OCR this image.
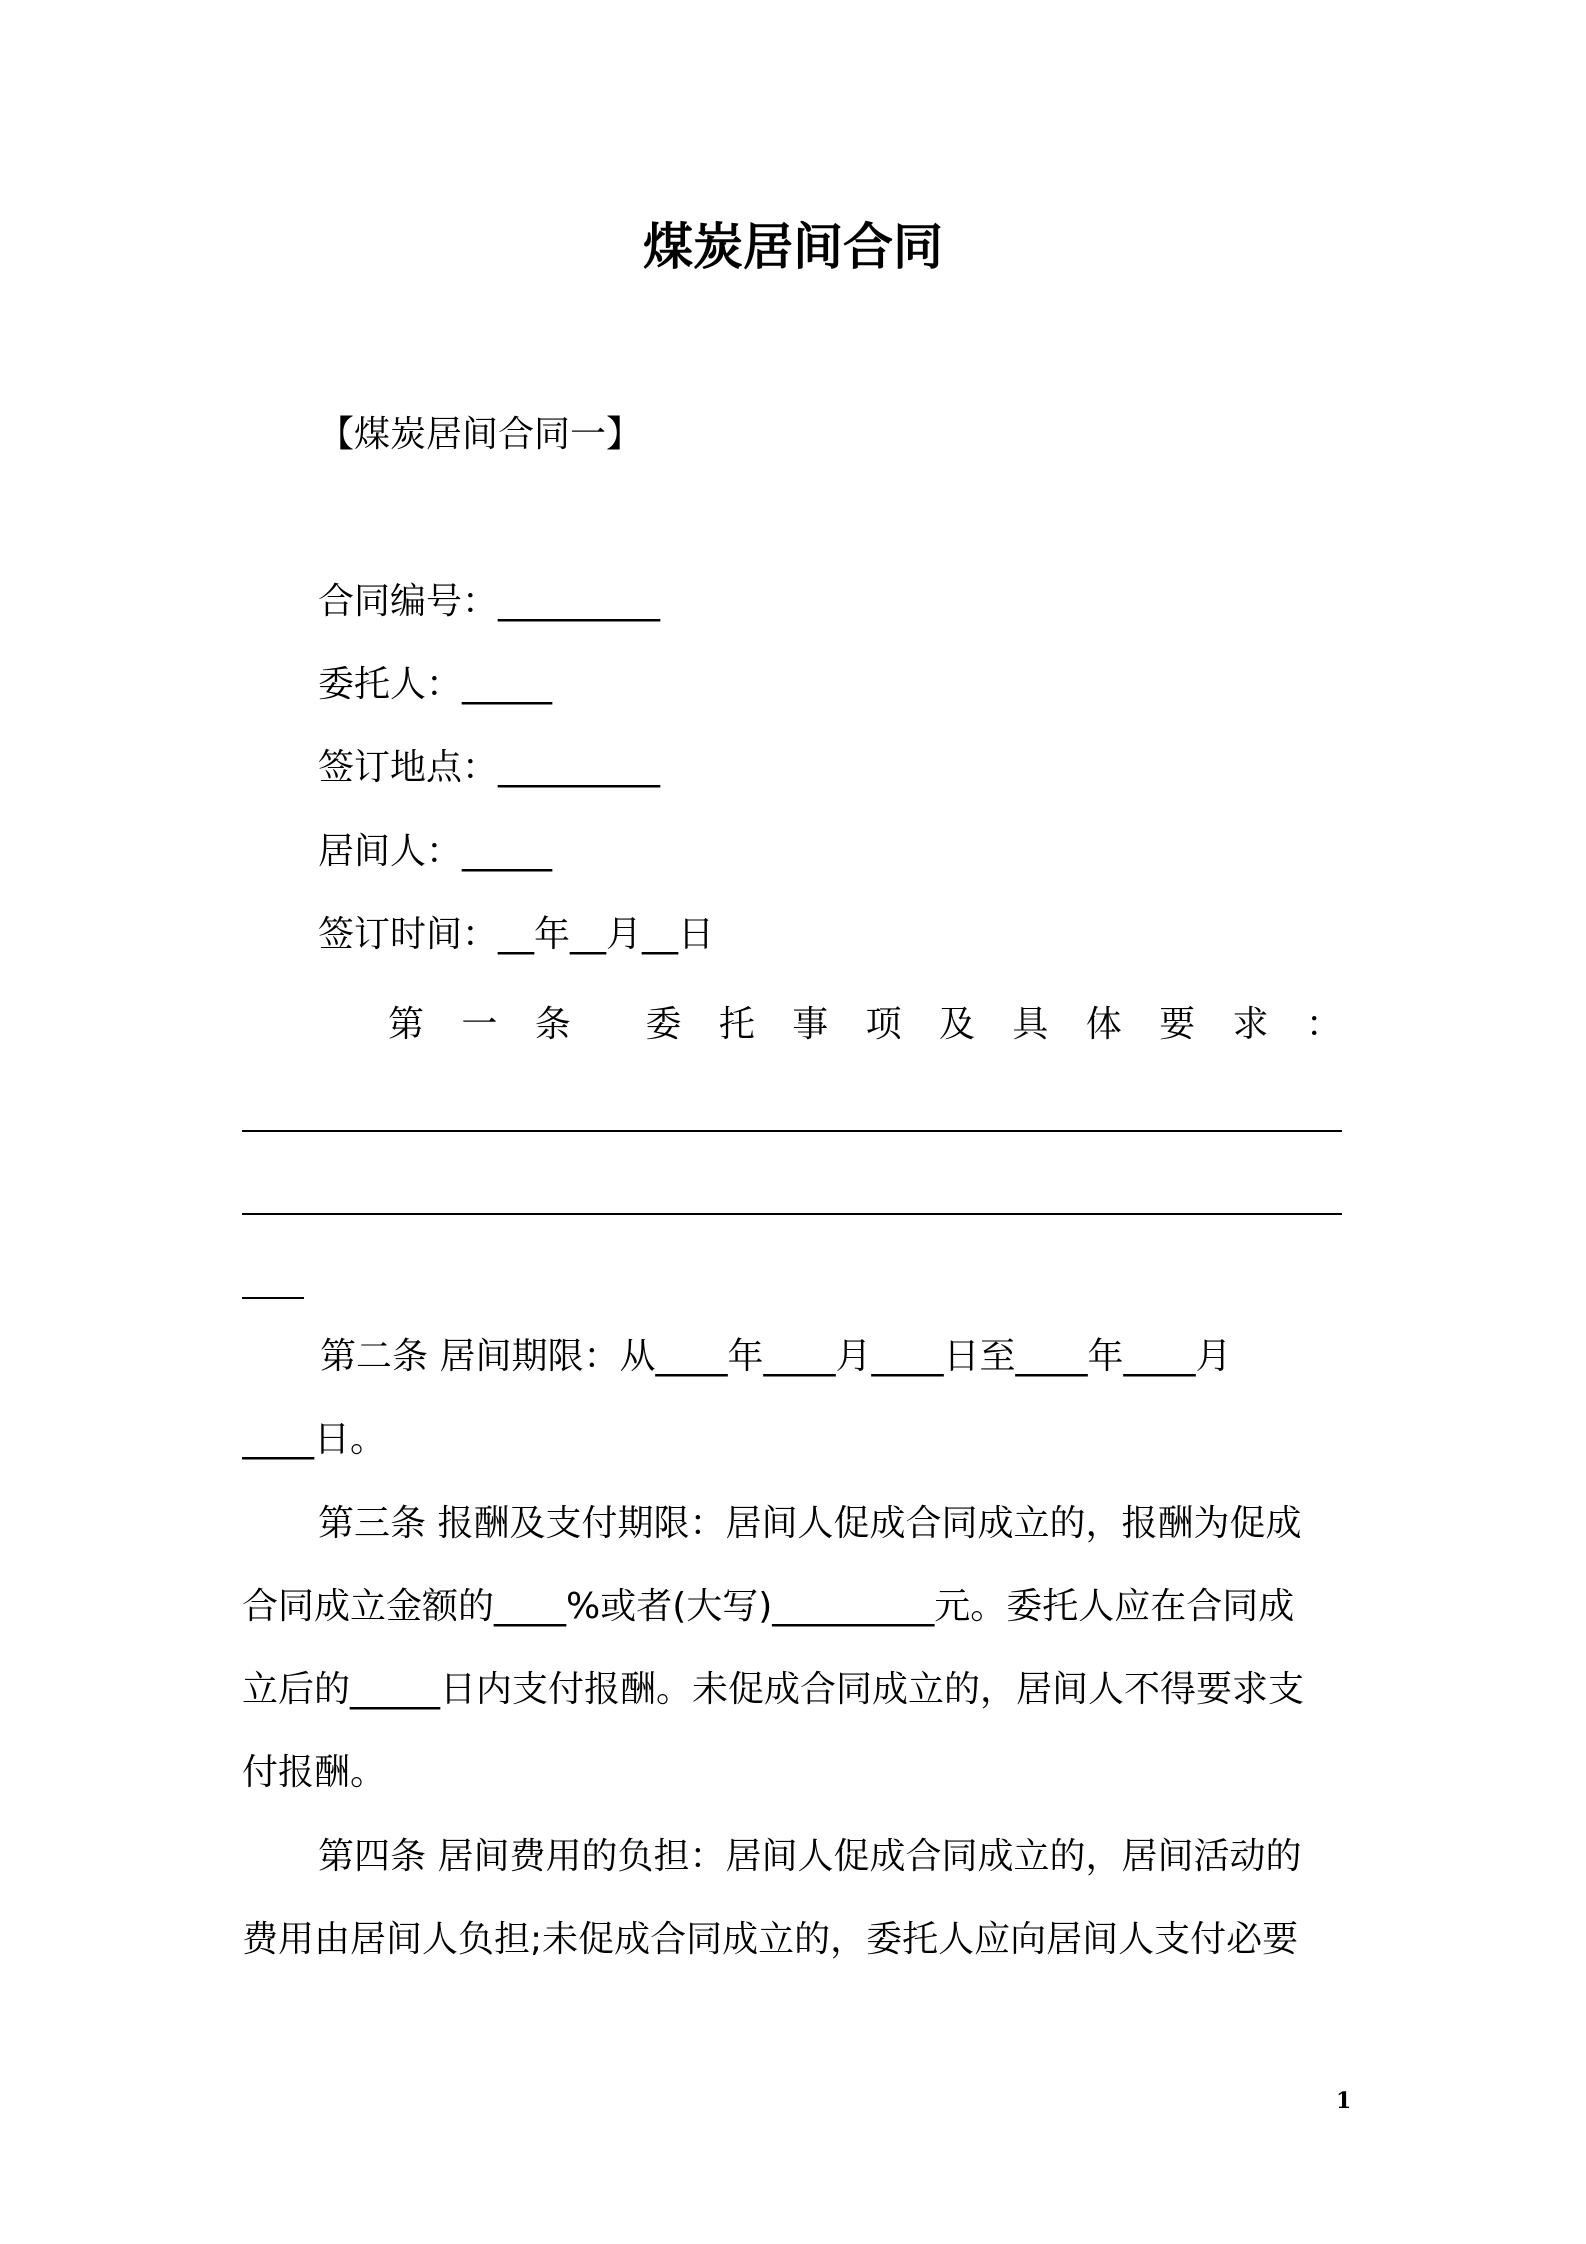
煤炭居间合同
【煤炭居间合同一】
合同编号：_________
委托人：_____
签订地点：_________
居间人：_____
签订时间：__年__月__日
第 一 条 委 托 事 项 及 具 体 要 求 ：
第二条 居间期限：从____年____月____日至____年____月
____日。
第三条 报酬及支付期限：居间人促成合同成立的，报酬为促成
合同成立金额的____%或者(大写)_________元。委托人应在合同成
立后的_____日内支付报酬。未促成合同成立的，居间人不得要求支
付报酬。
第四条 居间费用的负担：居间人促成合同成立的，居间活动的
费用由居间人负担;未促成合同成立的，委托人应向居间人支付必要
1
